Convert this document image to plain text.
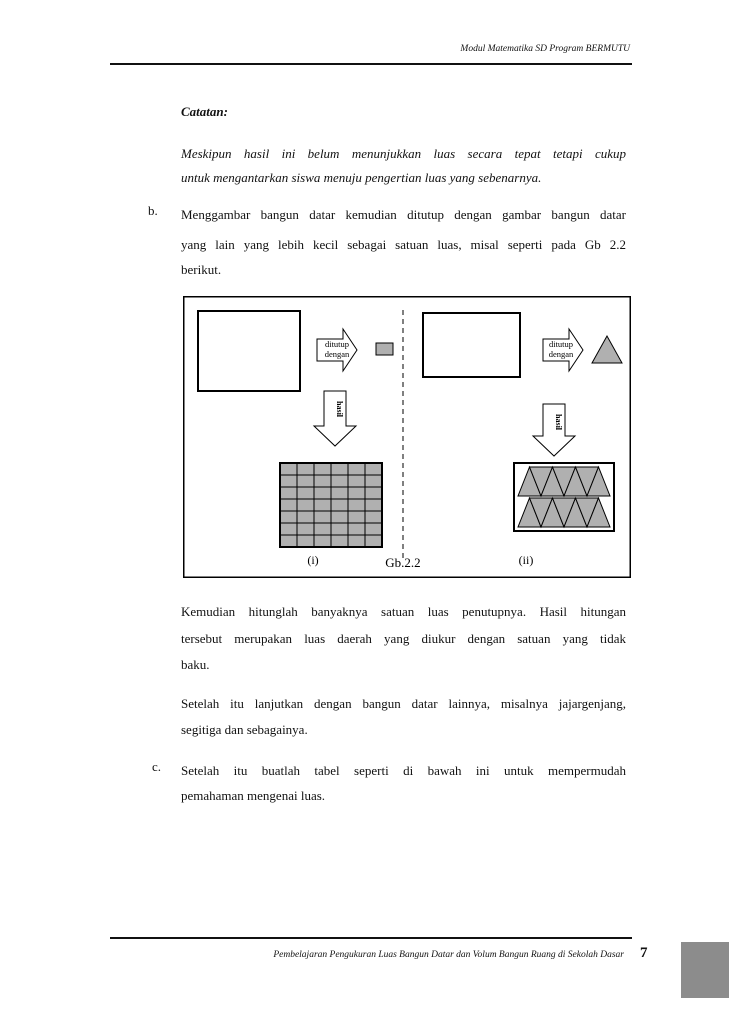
Modul Matematika SD Program BERMUTU
Catatan:
Meskipun hasil ini belum menunjukkan luas secara tepat tetapi cukup
untuk mengantarkan siswa menuju pengertian luas yang sebenarnya.
b. Menggambar bangun datar kemudian ditutup dengan gambar bangun datar
yang lain yang lebih kecil sebagai satuan luas, misal seperti pada Gb 2.2
berikut.
ditutup
dengan
hasil
(i)	Gb.2.2
ditutup
dengan
hasil
(ii)
Kemudian hitunglah banyaknya satuan luas penutupnya. Hasil hitungan
tersebut merupakan luas daerah yang diukur dengan satuan yang tidak
baku.
Setelah itu lanjutkan dengan bangun datar lainnya, misalnya jajargenjang,
segitiga dan sebagainya.
c. Setelah itu buatlah tabel seperti di bawah ini untuk mempermudah
pemahaman mengenai luas.
Pembelajaran Pengukuran Luas Bangun Datar dan Volum Bangun Ruang di Sekolah Dasar 7
